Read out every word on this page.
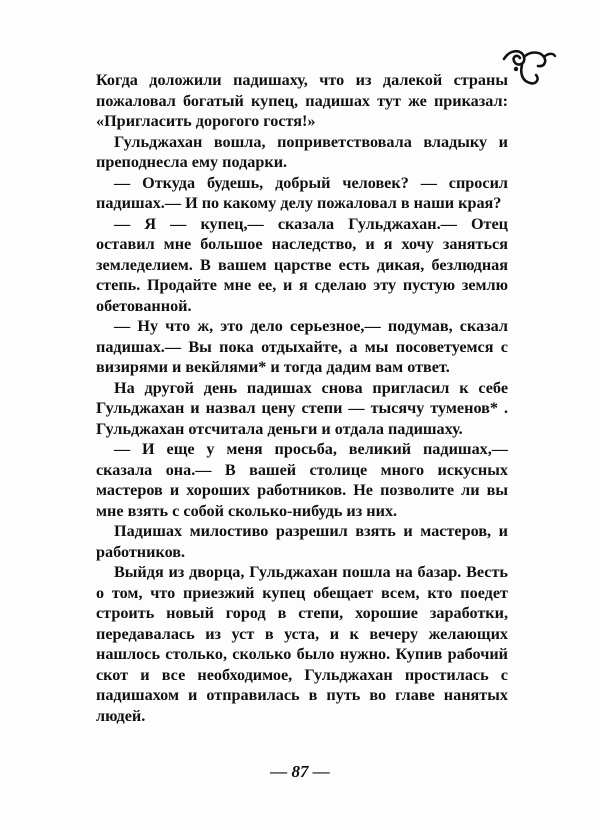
Когда доложили падишаху, что из далекой страны пожаловал богатый купец, падишах тут же приказал: «Пригласить дорогого гостя!»

Гульджахан вошла, поприветствовала владыку и преподнесла ему подарки.

— Откуда будешь, добрый человек? — спросил падишах.— И по какому делу пожаловал в наши края?

— Я — купец,— сказала Гульджахан.— Отец оставил мне большое наследство, и я хочу заняться земледелием. В вашем царстве есть дикая, безлюдная степь. Продайте мне ее, и я сделаю эту пустую землю обетованной.

— Ну что ж, это дело серьезное,— подумав, сказал падишах.— Вы пока отдыхайте, а мы посоветуемся с визирями и векйлями* и тогда дадим вам ответ.

На другой день падишах снова пригласил к себе Гульджахан и назвал цену степи — тысячу туменов* . Гульджахан отсчитала деньги и отдала падишаху.

— И еще у меня просьба, великий падишах,— сказала она.— В вашей столице много искусных мастеров и хороших работников. Не позволите ли вы мне взять с собой сколько-нибудь из них.

Падишах милостиво разрешил взять и мастеров, и работников.

Выйдя из дворца, Гульджахан пошла на базар. Весть о том, что приезжий купец обещает всем, кто поедет строить новый город в степи, хорошие заработки, передавалась из уст в уста, и к вечеру желающих нашлось столько, сколько было нужно. Купив рабочий скот и все необходимое, Гульджахан простилась с падишахом и отправилась в путь во главе нанятых людей.

— 87 —
